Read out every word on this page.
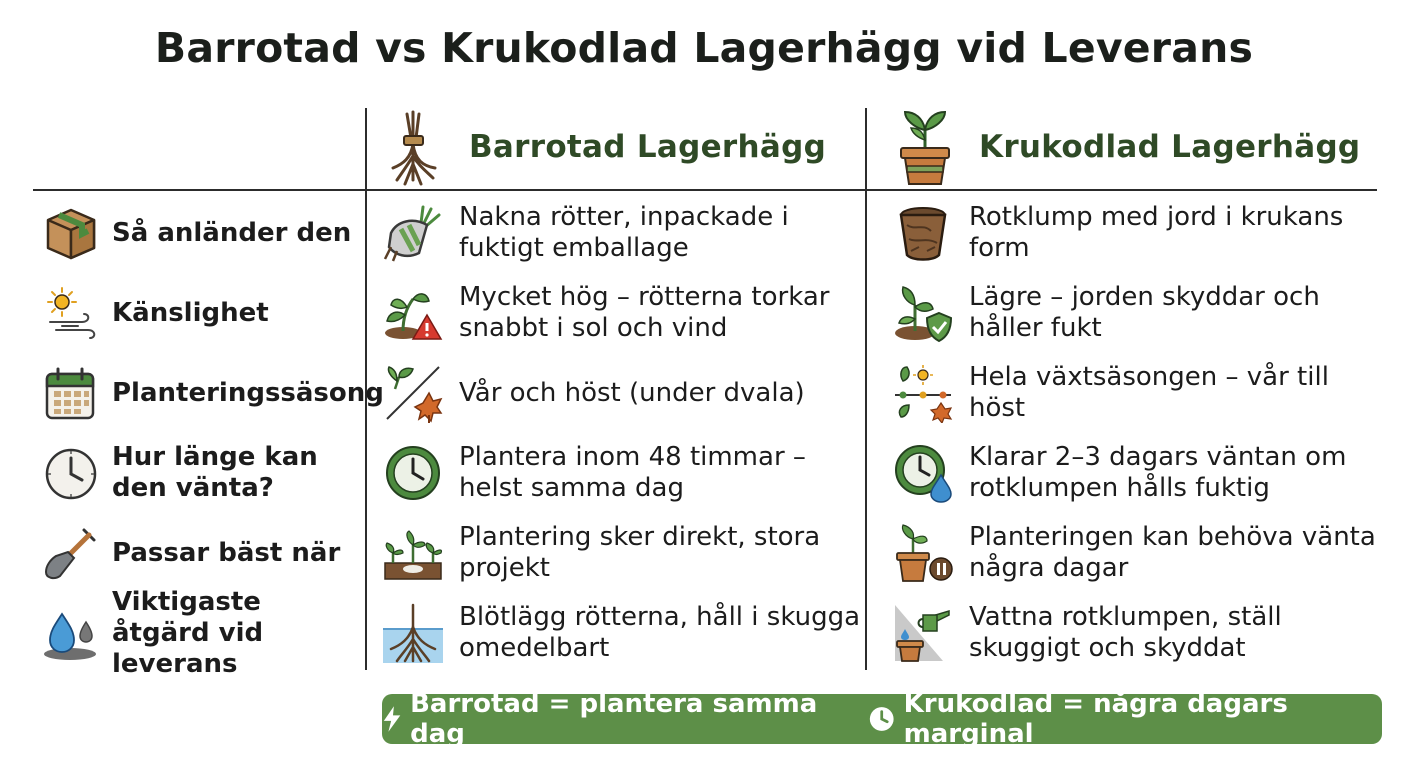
Barrotad vs Krukodlad Lagerhägg vid Leverans
Barrotad Lagerhägg	Krukodlad Lagerhägg
Så anländer den
Nakna rötter, inpackade i fuktigt emballage
Rotklump med jord i krukans form
Känslighet
Mycket hög – rötterna torkar snabbt i sol och vind
Lägre – jorden skyddar och håller fukt
Planteringssäsong	Vår och höst (under dvala)
Hela växtsäsongen – vår till höst
Hur länge kan den vänta?
Plantera inom 48 timmar – helst samma dag
Klarar 2–3 dagars väntan om rotklumpen hålls fuktig
Passar bäst när
Plantering sker direkt, stora projekt
Planteringen kan behöva vänta några dagar
Viktigaste åtgärd vid leverans
Blötlägg rötterna, håll i skugga omedelbart
Vattna rotklumpen, ställ skuggigt och skyddat
Barrotad = plantera samma dag
Krukodlad = några dagars marginal
